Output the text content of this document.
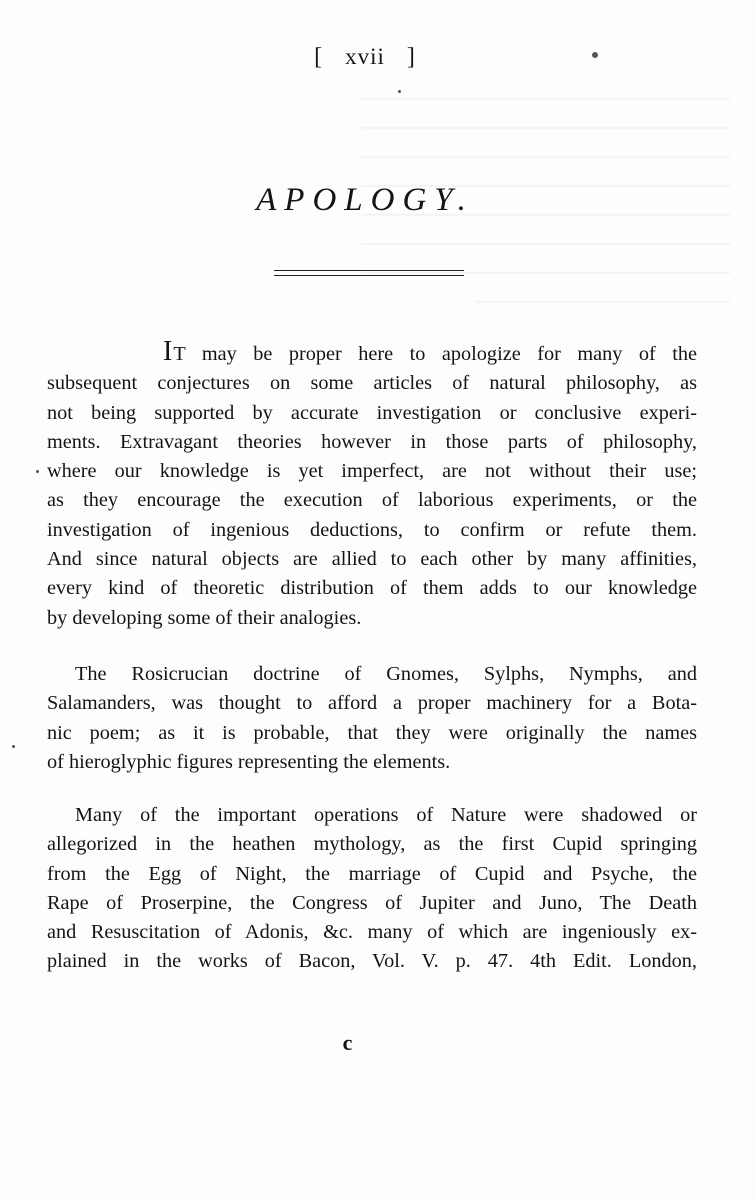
──────────────────────────
──────────────────────────
──────────────────────────
──────────────────────────
──────────────────────────
──────────────────────────
──────────────────────────
──────────────────
[ xvii ]
APOLOGY.
IT may be proper here to apologize for many of the
subsequent conjectures on some articles of natural philosophy, as
not being supported by accurate investigation or conclusive experi-
ments. Extravagant theories however in those parts of philosophy,
where our knowledge is yet imperfect, are not without their use;
as they encourage the execution of laborious experiments, or the
investigation of ingenious deductions, to confirm or refute them.
And since natural objects are allied to each other by many affinities,
every kind of theoretic distribution of them adds to our knowledge
by developing some of their analogies.
The Rosicrucian doctrine of Gnomes, Sylphs, Nymphs, and
Salamanders, was thought to afford a proper machinery for a Bota-
nic poem; as it is probable, that they were originally the names
of hieroglyphic figures representing the elements.
Many of the important operations of Nature were shadowed or
allegorized in the heathen mythology, as the first Cupid springing
from the Egg of Night, the marriage of Cupid and Psyche, the
Rape of Proserpine, the Congress of Jupiter and Juno, The Death
and Resuscitation of Adonis, &c. many of which are ingeniously ex-
plained in the works of Bacon, Vol. V. p. 47. 4th Edit. London,
c
